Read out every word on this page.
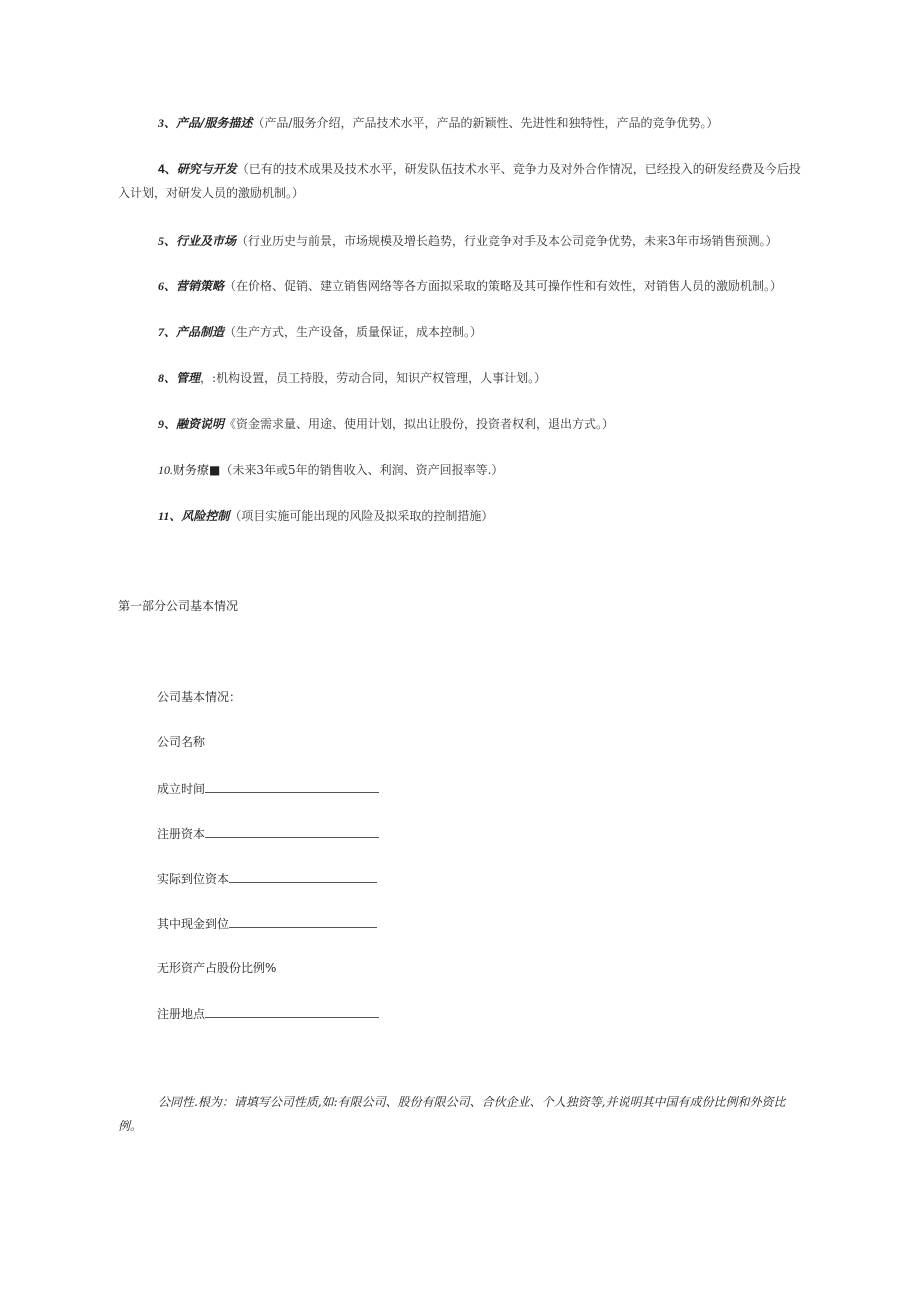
3、产品/服务描述（产品/服务介绍，产品技术水平，产品的新颖性、先进性和独特性，产品的竞争优势。）
4、研究与开发（已有的技术成果及技术水平，研发队伍技术水平、竞争力及对外合作情况，已经投入的研发经费及今后投入计划，对研发人员的激励机制。）
5、行业及市场（行业历史与前景，市场规模及增长趋势，行业竞争对手及本公司竞争优势，未来3年市场销售预测。）
6、营销策略（在价格、促销、建立销售网络等各方面拟采取的策略及其可操作性和有效性，对销售人员的激励机制。）
7、产品制造（生产方式，生产设备，质量保证，成本控制。）
8、管理，:机构设置，员工持股，劳动合同，知识产权管理，人事计划。）
9、融资说明《资金需求量、用途、使用计划，拟出让股份，投资者权利，退出方式。）
10.财务療■（未来3年或5年的销售收入、利润、资产回报率等.）
11、风险控制（项目实施可能出现的风险及拟采取的控制措施）
第一部分公司基本情况
公司基本情况：
公司名称
成立时间
注册资本
实际到位资本
其中现金到位
无形资产占股份比例%
注册地点
公同性.根为：请填写公司性质,如:有限公司、股份有限公司、合伙企业、个人独资等,并说明其中国有成份比例和外资比例。
